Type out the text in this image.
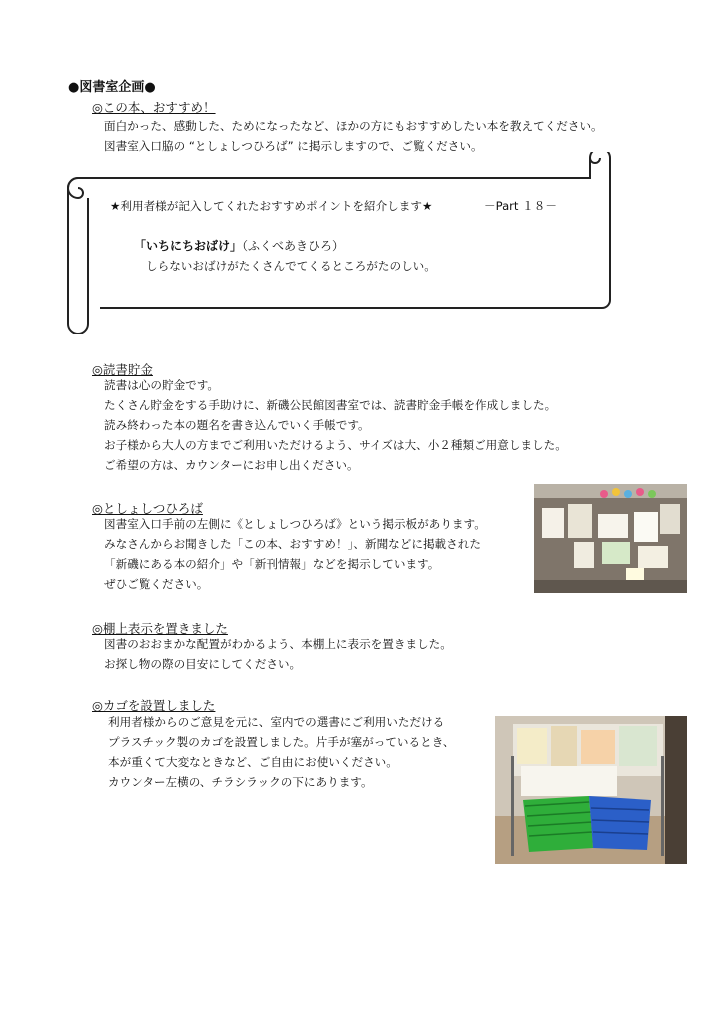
●図書室企画●
◎この本、おすすめ！
面白かった、感動した、ためになったなど、ほかの方にもおすすめしたい本を教えてください。
図書室入口脇の “としょしつひろば” に掲示しますので、ご覧ください。
★利用者様が記入してくれたおすすめポイントを紹介します★	－Part １８－
「いちにちおばけ」（ふくべあきひろ）
しらないおばけがたくさんでてくるところがたのしい。
◎読書貯金
読書は心の貯金です。
たくさん貯金をする手助けに、新磯公民館図書室では、読書貯金手帳を作成しました。
読み終わった本の題名を書き込んでいく手帳です。
お子様から大人の方までご利用いただけるよう、サイズは大、小２種類ご用意しました。
ご希望の方は、カウンターにお申し出ください。
◎としょしつひろば
図書室入口手前の左側に《としょしつひろば》という掲示板があります。
みなさんからお聞きした「この本、おすすめ！」、新聞などに掲載された
「新磯にある本の紹介」や「新刊情報」などを掲示しています。
ぜひご覧ください。
◎棚上表示を置きました
図書のおおまかな配置がわかるよう、本棚上に表示を置きました。
お探し物の際の目安にしてください。
◎カゴを設置しました
利用者様からのご意見を元に、室内での選書にご利用いただける
プラスチック製のカゴを設置しました。片手が塞がっているとき、
本が重くて大変なときなど、ご自由にお使いください。
カウンター左横の、チラシラックの下にあります。
